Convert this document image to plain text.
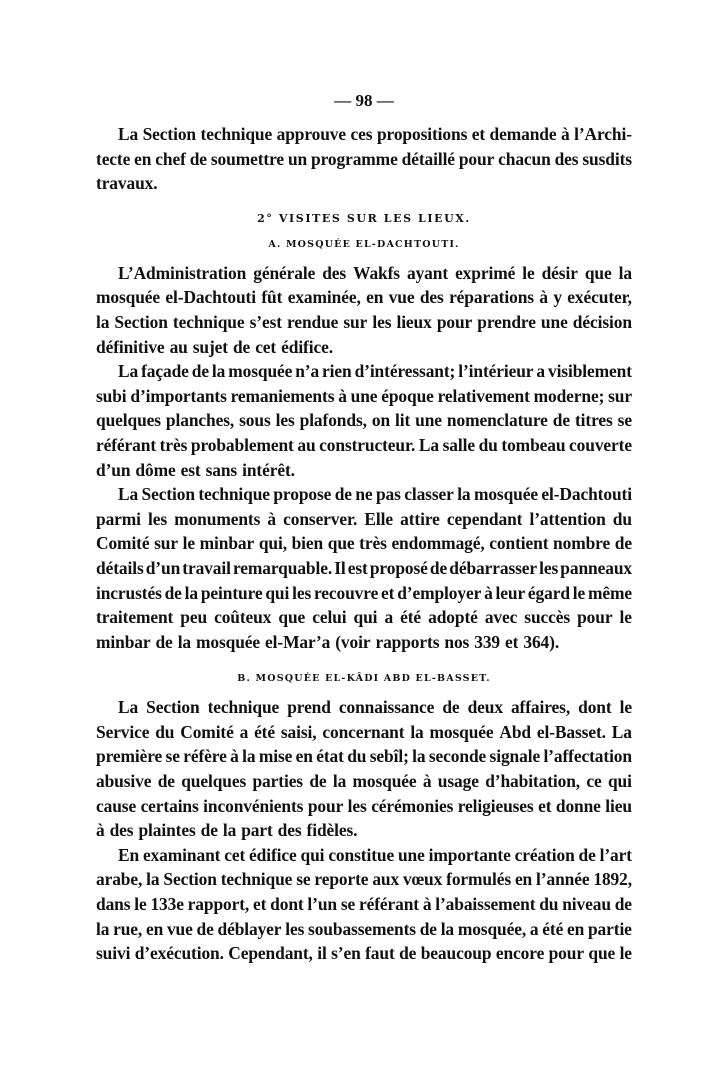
— 98 —
La Section technique approuve ces propositions et demande à l’Archi-
tecte en chef de soumettre un programme détaillé pour chacun des susdits
travaux.
2° VISITES SUR LES LIEUX.
A. MOSQUÉE EL-DACHTOUTI.
L’Administration générale des Wakfs ayant exprimé le désir que la
mosquée el-Dachtouti fût examinée, en vue des réparations à y exécuter,
la Section technique s’est rendue sur les lieux pour prendre une décision
définitive au sujet de cet édifice.
La façade de la mosquée n’a rien d’intéressant; l’intérieur a visiblement
subi d’importants remaniements à une époque relativement moderne; sur
quelques planches, sous les plafonds, on lit une nomenclature de titres se
référant très probablement au constructeur. La salle du tombeau couverte
d’un dôme est sans intérêt.
La Section technique propose de ne pas classer la mosquée el-Dachtouti
parmi les monuments à conserver. Elle attire cependant l’attention du
Comité sur le minbar qui, bien que très endommagé, contient nombre de
détails d’un travail remarquable. Il est proposé de débarrasser les panneaux
incrustés de la peinture qui les recouvre et d’employer à leur égard le même
traitement peu coûteux que celui qui a été adopté avec succès pour le
minbar de la mosquée el-Mar’a (voir rapports nos 339 et 364).
B. MOSQUÉE EL-KÂDI ABD EL-BASSET.
La Section technique prend connaissance de deux affaires, dont le
Service du Comité a été saisi, concernant la mosquée Abd el-Basset. La
première se réfère à la mise en état du sebîl; la seconde signale l’affectation
abusive de quelques parties de la mosquée à usage d’habitation, ce qui
cause certains inconvénients pour les cérémonies religieuses et donne lieu
à des plaintes de la part des fidèles.
En examinant cet édifice qui constitue une importante création de l’art
arabe, la Section technique se reporte aux vœux formulés en l’année 1892,
dans le 133e rapport, et dont l’un se référant à l’abaissement du niveau de
la rue, en vue de déblayer les soubassements de la mosquée, a été en partie
suivi d’exécution. Cependant, il s’en faut de beaucoup encore pour que le
